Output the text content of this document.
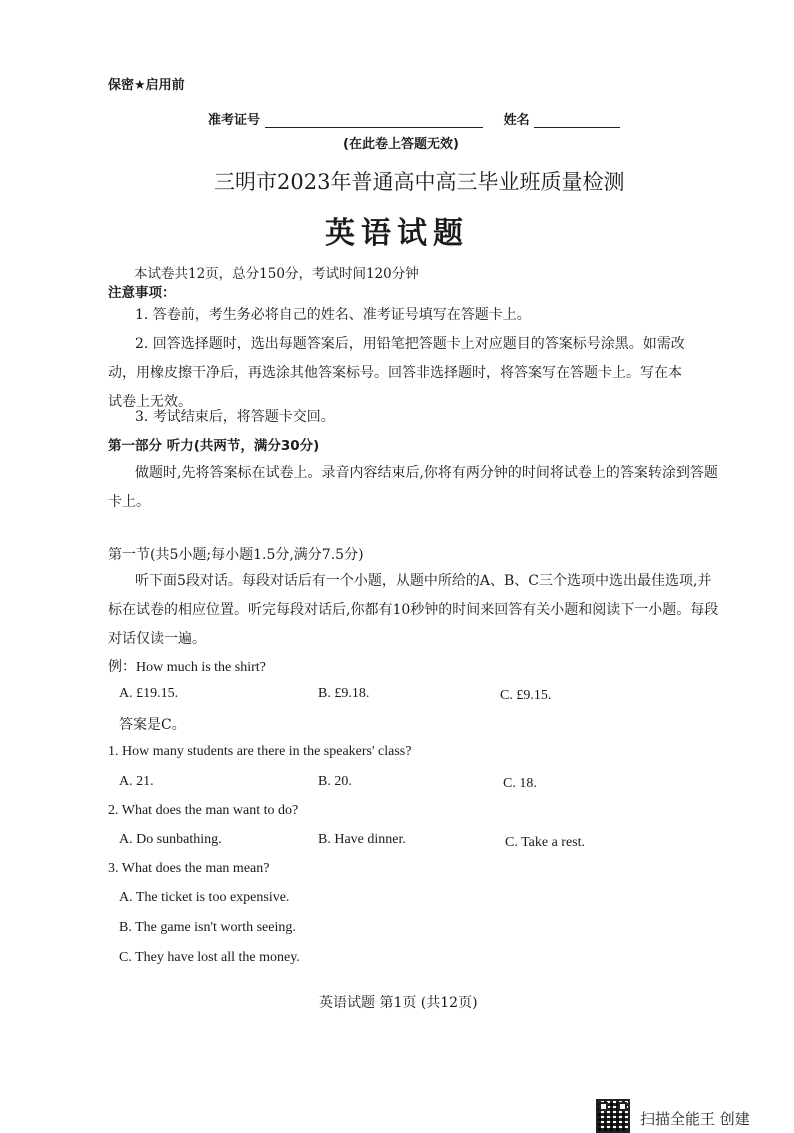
保密★启用前
准考证号	姓名
(在此卷上答题无效)
三明市2023年普通高中高三毕业班质量检测
英语试题
本试卷共12页，总分150分，考试时间120分钟
注意事项：
1. 答卷前，考生务必将自己的姓名、准考证号填写在答题卡上。
2. 回答选择题时，选出每题答案后，用铅笔把答题卡上对应题目的答案标号涂黑。如需改动，用橡皮擦干净后，再选涂其他答案标号。回答非选择题时，将答案写在答题卡上。写在本试卷上无效。
3. 考试结束后，将答题卡交回。
第一部分 听力(共两节，满分30分)
做题时,先将答案标在试卷上。录音内容结束后,你将有两分钟的时间将试卷上的答案转涂到答题卡上。
第一节(共5小题;每小题1.5分,满分7.5分)
听下面5段对话。每段对话后有一个小题，从题中所给的A、B、C三个选项中选出最佳选项,并标在试卷的相应位置。听完每段对话后,你都有10秒钟的时间来回答有关小题和阅读下一小题。每段对话仅读一遍。
例：How much is the shirt?
A. £19.15.	B. £9.18.	C. £9.15.
答案是C。
1. How many students are there in the speakers' class?
A. 21.	B. 20.	C. 18.
2. What does the man want to do?
A. Do sunbathing.	B. Have dinner.	C. Take a rest.
3. What does the man mean?
A. The ticket is too expensive.
B. The game isn't worth seeing.
C. They have lost all the money.
英语试题 第1页 (共12页)
扫描全能王 创建
